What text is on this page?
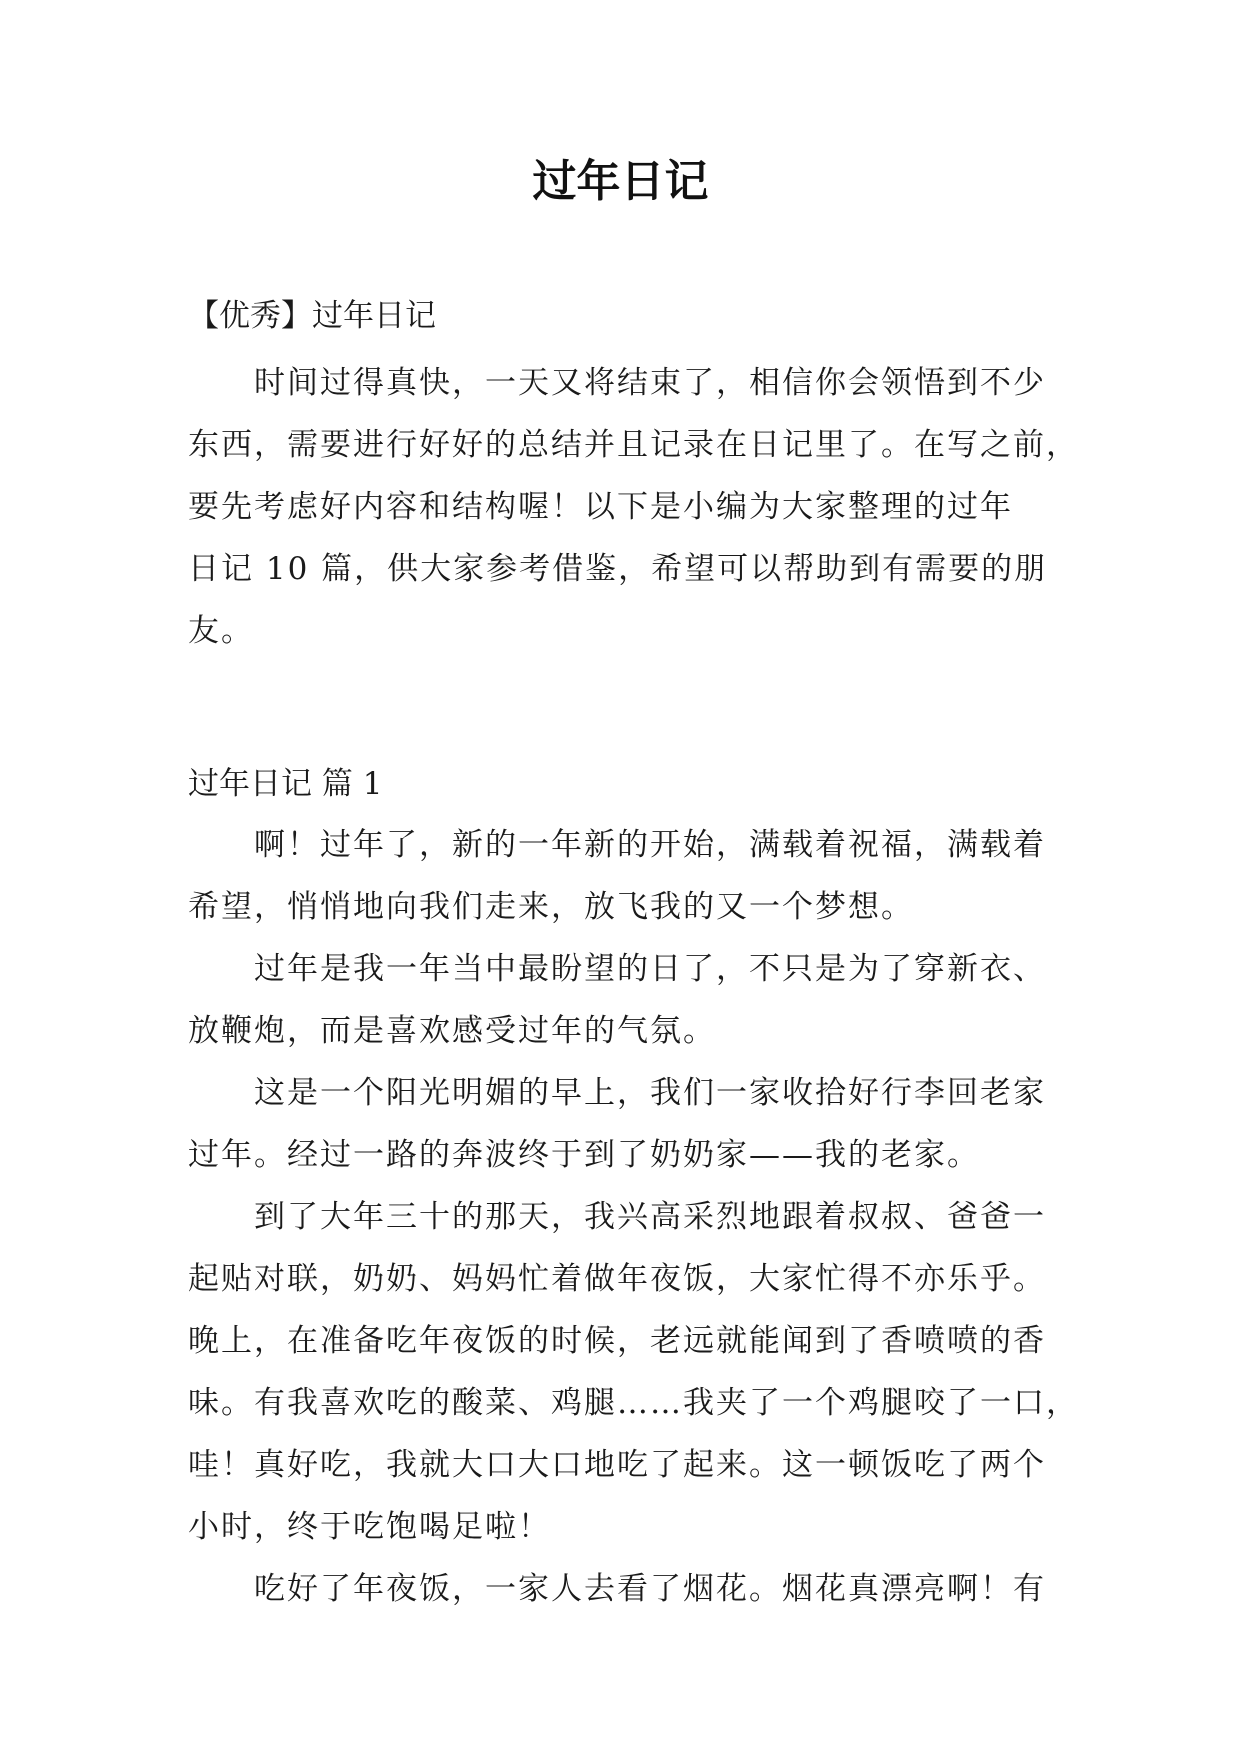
过年日记
【优秀】过年日记
时间过得真快，一天又将结束了，相信你会领悟到不少
东西，需要进行好好的总结并且记录在日记里了。在写之前，
要先考虑好内容和结构喔！以下是小编为大家整理的过年
日记 10 篇，供大家参考借鉴，希望可以帮助到有需要的朋
友。
过年日记 篇 1
啊！过年了，新的一年新的开始，满载着祝福，满载着
希望，悄悄地向我们走来，放飞我的又一个梦想。
过年是我一年当中最盼望的日了，不只是为了穿新衣、
放鞭炮，而是喜欢感受过年的气氛。
这是一个阳光明媚的早上，我们一家收拾好行李回老家
过年。经过一路的奔波终于到了奶奶家——我的老家。
到了大年三十的那天，我兴高采烈地跟着叔叔、爸爸一
起贴对联，奶奶、妈妈忙着做年夜饭，大家忙得不亦乐乎。
晚上，在准备吃年夜饭的时候，老远就能闻到了香喷喷的香
味。有我喜欢吃的酸菜、鸡腿……我夹了一个鸡腿咬了一口，
哇！真好吃，我就大口大口地吃了起来。这一顿饭吃了两个
小时，终于吃饱喝足啦！
吃好了年夜饭，一家人去看了烟花。烟花真漂亮啊！有
